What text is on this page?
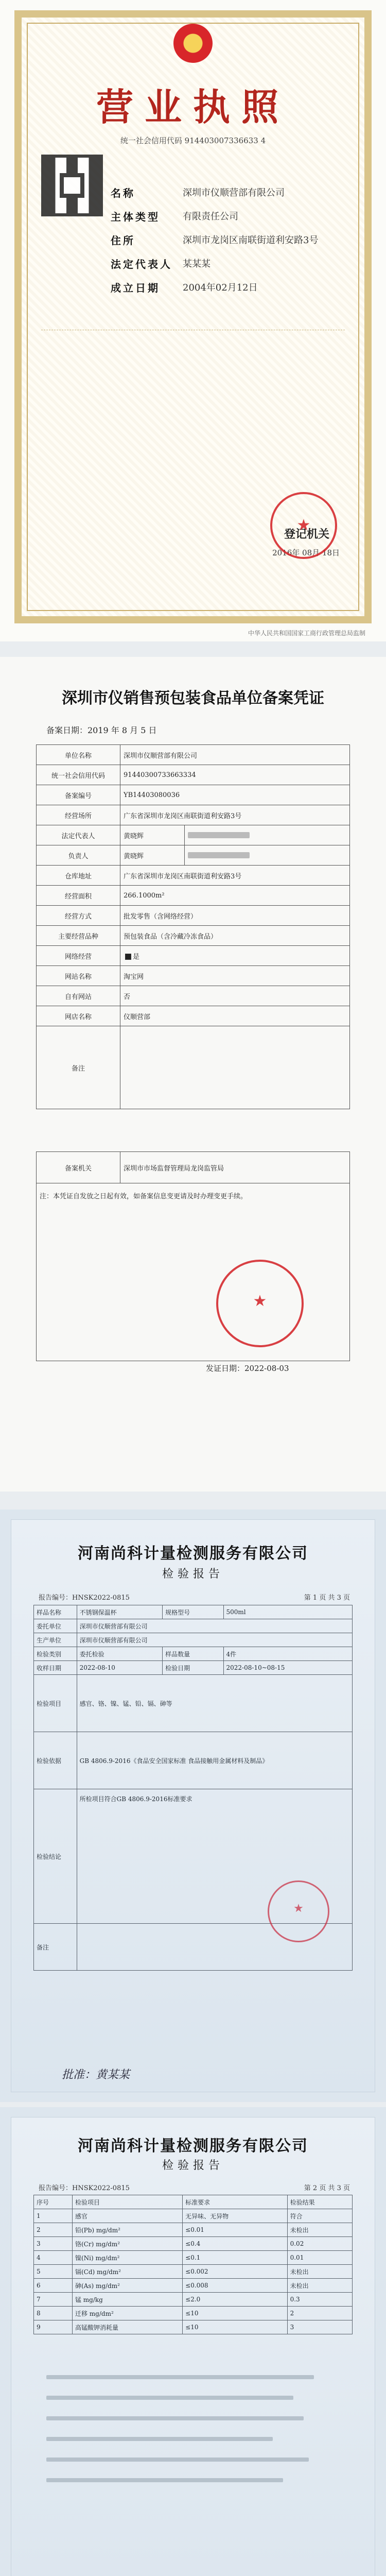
营业执照
统一社会信用代码 914403007336633 4
名称	深圳市仪顺营部有限公司
主体类型	有限责任公司
住所	深圳市龙岗区南联街道利安路3号
法定代表人	某某某
成立日期	2004年02月12日
登记机关
2016年 08月 18日
★
中华人民共和国国家工商行政管理总局监制
深圳市仪销售预包装食品单位备案凭证
备案日期：2019 年 8 月 5 日
单位名称	深圳市仪顺营部有限公司	
统一社会信用代码	91440300733663334	
备案编号	YB14403080036	
经营场所	广东省深圳市龙岗区南联街道利安路3号	
法定代表人	黄晓辉	
负责人	黄晓辉	
仓库地址	广东省深圳市龙岗区南联街道利安路3号	
经营面积	266.1000m²	
经营方式	批发零售（含网络经营）	
主要经营品种	预包装食品（含冷藏冷冻食品）	
网络经营	是	
网站名称	淘宝网	
自有网站	否	
网店名称	仪顺营部	
备注		
备案机关	深圳市市场监督管理局龙岗监管局
注：本凭证自发放之日起有效，如备案信息变更请及时办理变更手续。
★
发证日期：2022-08-03
河南尚科计量检测服务有限公司
检验报告
报告编号：HNSK2022-0815	第 1 页 共 3 页
样品名称	不锈钢保温杯	规格型号	500ml
委托单位	深圳市仪顺营部有限公司		
生产单位	深圳市仪顺营部有限公司		
检验类别	委托检验	样品数量	4件
收样日期	2022-08-10	检验日期	2022-08-10~08-15
检验项目	感官、铬、镍、锰、铅、镉、砷等		
检验依据	GB 4806.9-2016《食品安全国家标准 食品接触用金属材料及制品》		
检验结论	所检项目符合GB 4806.9-2016标准要求		
备注			
★
批准：黄某某
河南尚科计量检测服务有限公司
检验报告
报告编号：HNSK2022-0815	第 2 页 共 3 页
序号	检验项目	标准要求	检验结果
1	感官	无异味、无异物	符合
2	铅(Pb) mg/dm²	≤0.01	未检出
3	铬(Cr) mg/dm²	≤0.4	0.02
4	镍(Ni) mg/dm²	≤0.1	0.01
5	镉(Cd) mg/dm²	≤0.002	未检出
6	砷(As) mg/dm²	≤0.008	未检出
7	锰 mg/kg	≤2.0	0.3
8	迁移 mg/dm²	≤10	2
9	高锰酸钾消耗量	≤10	3
